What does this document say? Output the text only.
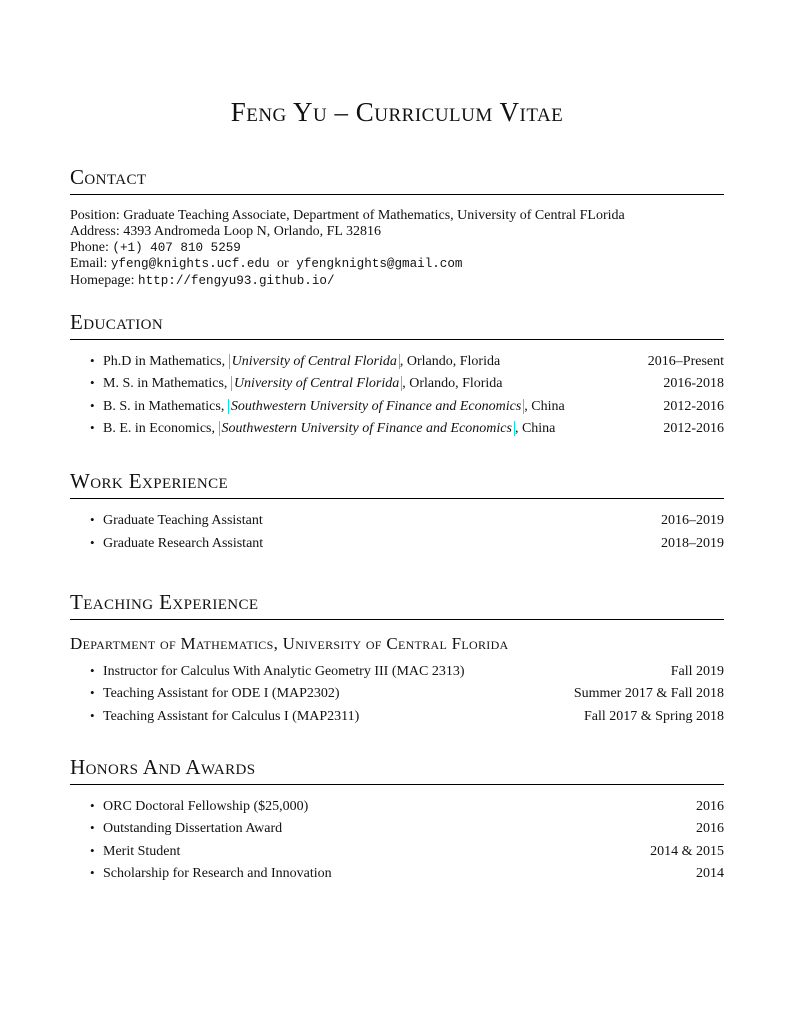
Feng Yu – Curriculum Vitae
Contact
Position: Graduate Teaching Associate, Department of Mathematics, University of Central FLorida
Address: 4393 Andromeda Loop N, Orlando, FL 32816
Phone: (+1) 407 810 5259
Email: yfeng@knights.ucf.edu or yfengknights@gmail.com
Homepage: http://fengyu93.github.io/
Education
• Ph.D in Mathematics, University of Central Florida , Orlando, Florida	2016–Present
• M. S. in Mathematics, University of Central Florida , Orlando, Florida	2016-2018
• B. S. in Mathematics, Southwestern University of Finance and Economics , China	2012-2016
• B. E. in Economics, Southwestern University of Finance and Economics , China	2012-2016
Work Experience
• Graduate Teaching Assistant	2016–2019
• Graduate Research Assistant	2018–2019
Teaching Experience
Department of Mathematics, University of Central Florida
• Instructor for Calculus With Analytic Geometry III (MAC 2313)	Fall 2019
• Teaching Assistant for ODE I (MAP2302)	Summer 2017 & Fall 2018
• Teaching Assistant for Calculus I (MAP2311)	Fall 2017 & Spring 2018
Honors And Awards
• ORC Doctoral Fellowship ($25,000)	2016
• Outstanding Dissertation Award	2016
• Merit Student	2014 & 2015
• Scholarship for Research and Innovation	2014
